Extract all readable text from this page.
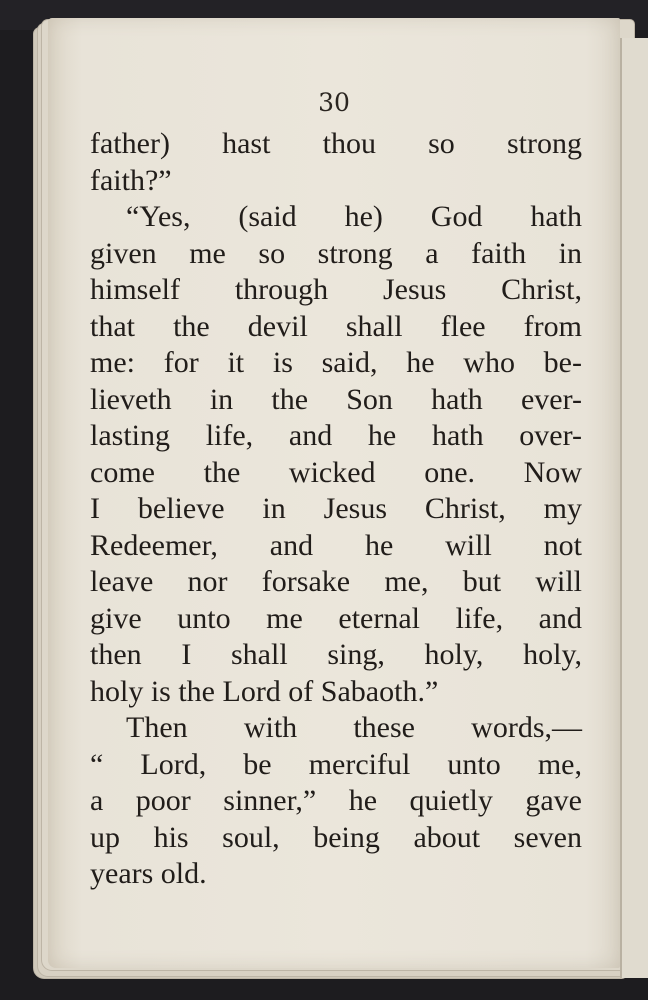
30
father) hast thou so strong
faith?”
“Yes, (said he) God hath
given me so strong a faith in
himself through Jesus Christ,
that the devil shall flee from
me: for it is said, he who be-
lieveth in the Son hath ever-
lasting life, and he hath over-
come the wicked one. Now
I believe in Jesus Christ, my
Redeemer, and he will not
leave nor forsake me, but will
give unto me eternal life, and
then I shall sing, holy, holy,
holy is the Lord of Sabaoth.”
Then with these words,—
“ Lord, be merciful unto me,
a poor sinner,” he quietly gave
up his soul, being about seven
years old.
